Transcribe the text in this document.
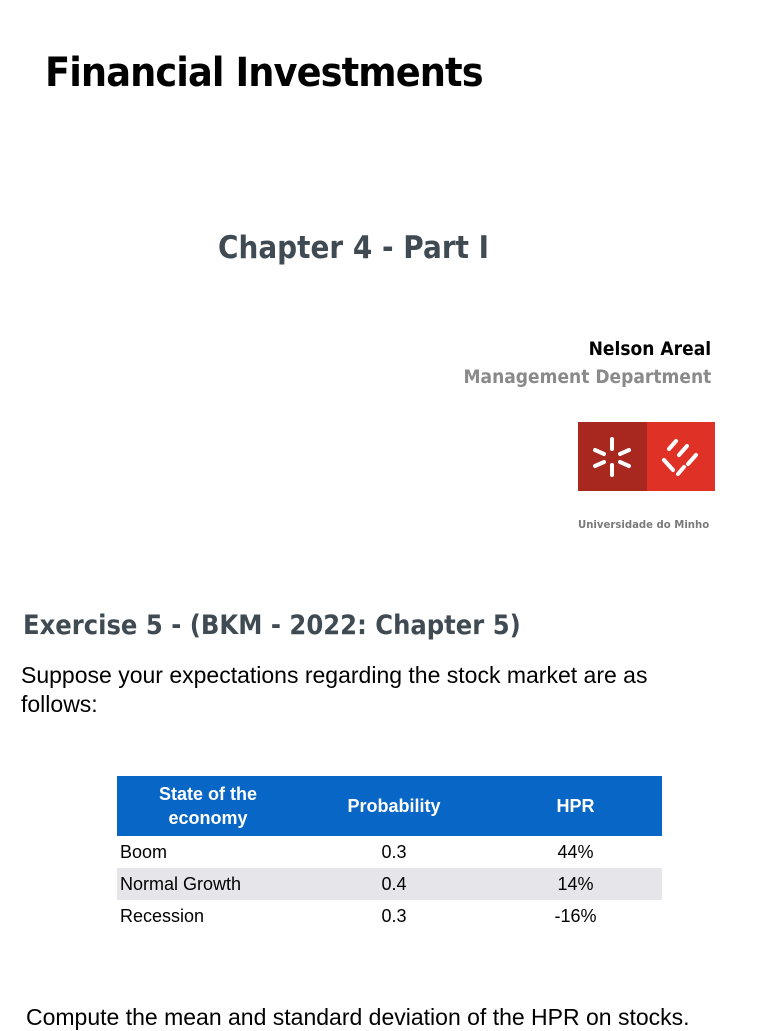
Financial Investments
Chapter 4 - Part I
Nelson Areal
Management Department
Universidade do Minho
Exercise 5 - (BKM - 2022: Chapter 5)

Suppose your expectations regarding the stock market are as follows:

State of the economy	Probability	HPR
Boom	0.3	44%
Normal Growth	0.4	14%
Recession	0.3	-16%

Compute the mean and standard deviation of the HPR on stocks.
